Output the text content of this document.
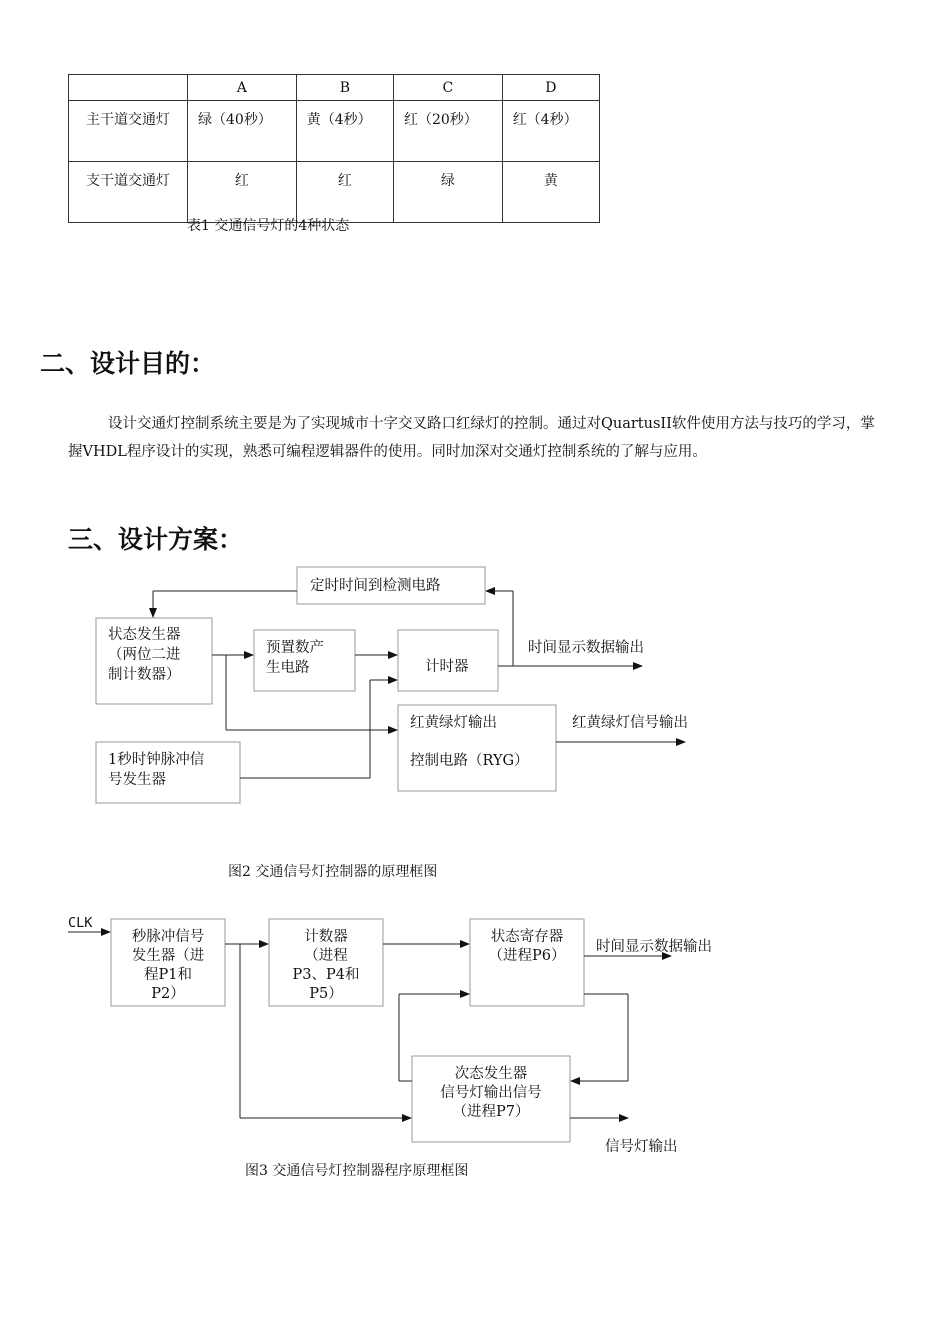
	A	B	C	D
主干道交通灯	绿（40秒）	黄（4秒）	红（20秒）	红（4秒）
支干道交通灯	红	红	绿	黄
表1 交通信号灯的4种状态
二、设计目的：

设计交通灯控制系统主要是为了实现城市十字交叉路口红绿灯的控制。通过对QuartusII软件使用方法与技巧的学习，掌握VHDL程序设计的实现，熟悉可编程逻辑器件的使用。同时加深对交通灯控制系统的了解与应用。

三、设计方案：
定时时间到检测电路
状态发生器
（两位二进
制计数器）
预置数产
生电路	计时器
时间显示数据输出
红黄绿灯输出
控制电路（RYG）
红黄绿灯信号输出
1秒时钟脉冲信
号发生器
图2 交通信号灯控制器的原理框图
CLK
秒脉冲信号
发生器（进
程P1和
P2）
计数器
（进程
P3、P4和
P5）
状态寄存器
（进程P6）
时间显示数据输出
次态发生器
信号灯输出信号
（进程P7）
信号灯输出
图3 交通信号灯控制器程序原理框图
